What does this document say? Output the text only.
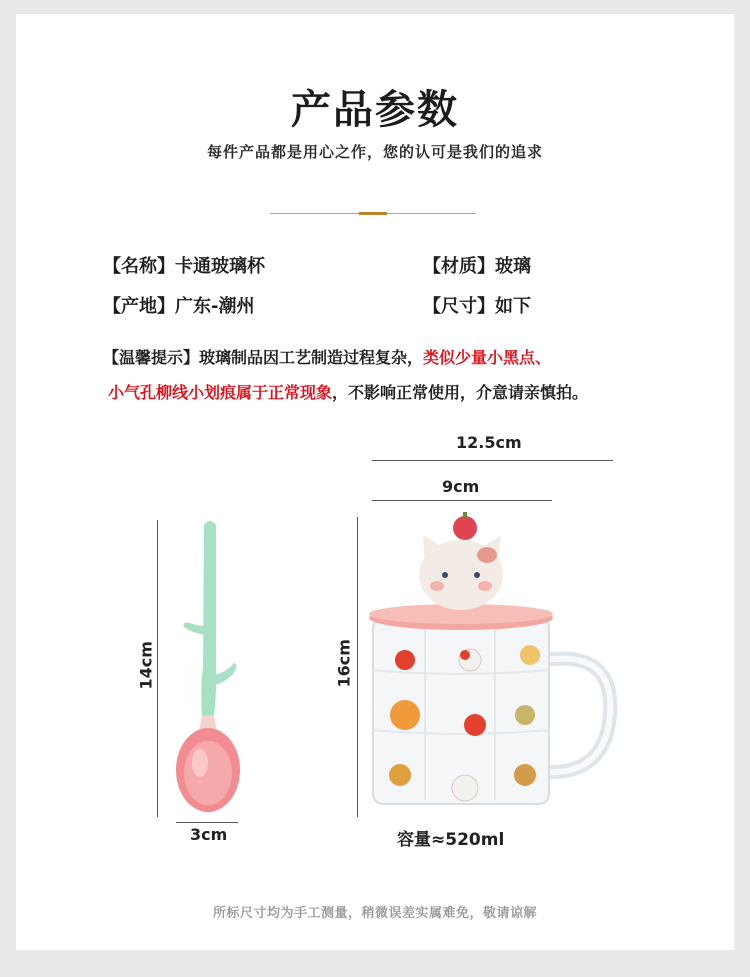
产品参数
每件产品都是用心之作，您的认可是我们的追求
【名称】卡通玻璃杯	【材质】玻璃
【产地】广东-潮州	【尺寸】如下
【温馨提示】玻璃制品因工艺制造过程复杂，类似少量小黑点、
小气孔柳线小划痕属于正常现象，不影响正常使用，介意请亲慎拍。
12.5cm
9cm
14cm	16cm
3cm	容量≈520ml
所标尺寸均为手工测量，稍微误差实属难免，敬请谅解
